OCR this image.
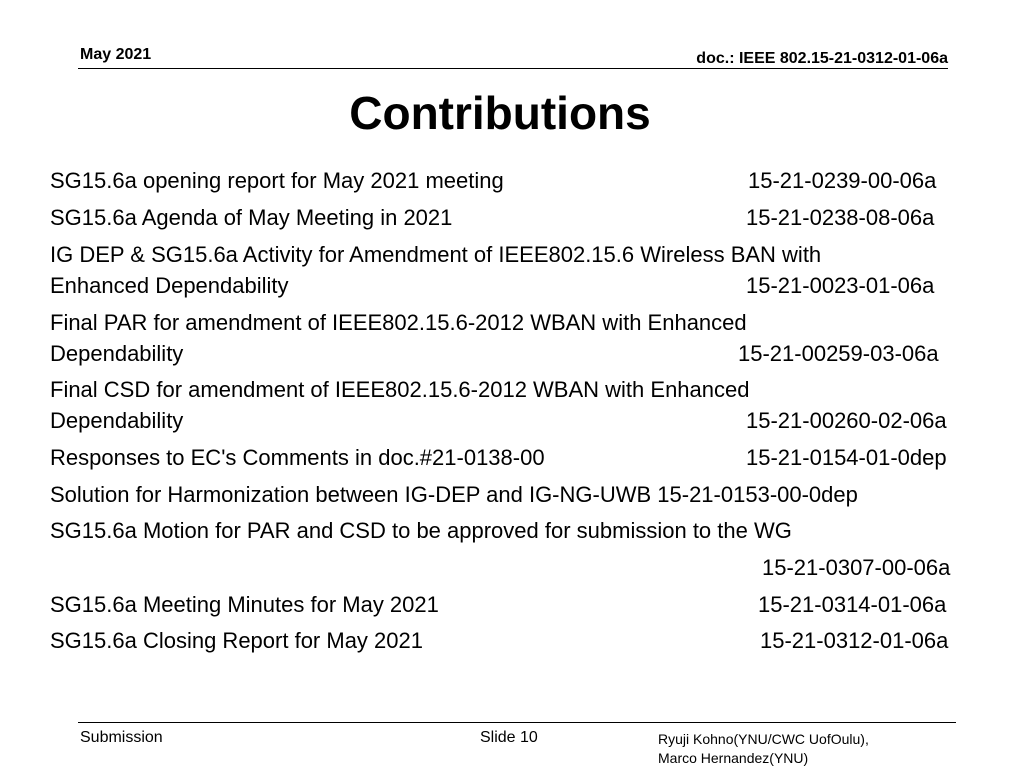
May 2021	doc.: IEEE 802.15-21-0312-01-06a
Contributions
SG15.6a opening report for May 2021 meeting	15-21-0239-00-06a
SG15.6a Agenda of May Meeting in 2021	15-21-0238-08-06a
IG DEP & SG15.6a Activity for Amendment of IEEE802.15.6 Wireless BAN with
Enhanced Dependability	15-21-0023-01-06a
Final PAR for amendment of IEEE802.15.6-2012 WBAN with Enhanced
Dependability	15-21-00259-03-06a
Final CSD for amendment of IEEE802.15.6-2012 WBAN with Enhanced
Dependability	15-21-00260-02-06a
Responses to EC's Comments in doc.#21-0138-00	15-21-0154-01-0dep
Solution for Harmonization between IG-DEP and IG-NG-UWB 15-21-0153-00-0dep
SG15.6a Motion for PAR and CSD to be approved for submission to the WG
15-21-0307-00-06a
SG15.6a Meeting Minutes for May 2021	15-21-0314-01-06a
SG15.6a Closing Report for May 2021	15-21-0312-01-06a
Submission	Slide 10	Ryuji Kohno(YNU/CWC UofOulu),
Marco Hernandez(YNU)
